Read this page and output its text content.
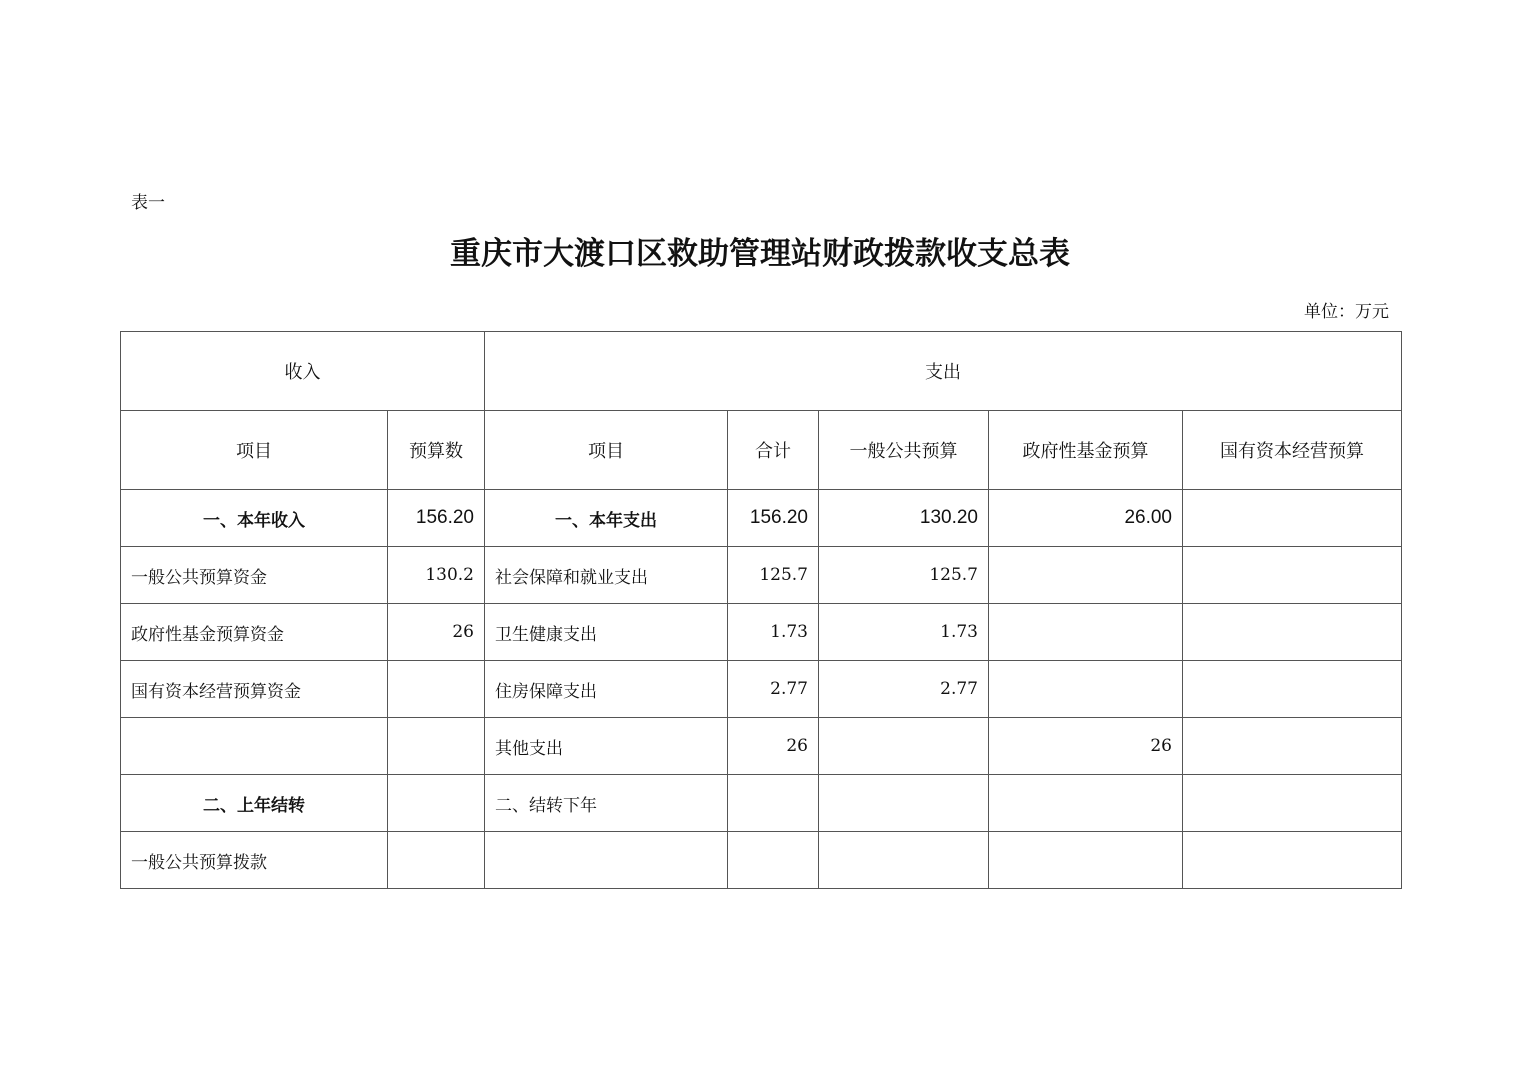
表一
重庆市大渡口区救助管理站财政拨款收支总表
单位：万元
收入		支出				
项目	预算数	项目	合计	一般公共预算	政府性基金预算	国有资本经营预算
一、本年收入	156.20	一、本年支出	156.20	130.20	26.00	
一般公共预算资金	130.2	社会保障和就业支出	125.7	125.7		
政府性基金预算资金	26	卫生健康支出	1.73	1.73		
国有资本经营预算资金		住房保障支出	2.77	2.77		
		其他支出	26		26	
二、上年结转		二、结转下年				
一般公共预算拨款						
